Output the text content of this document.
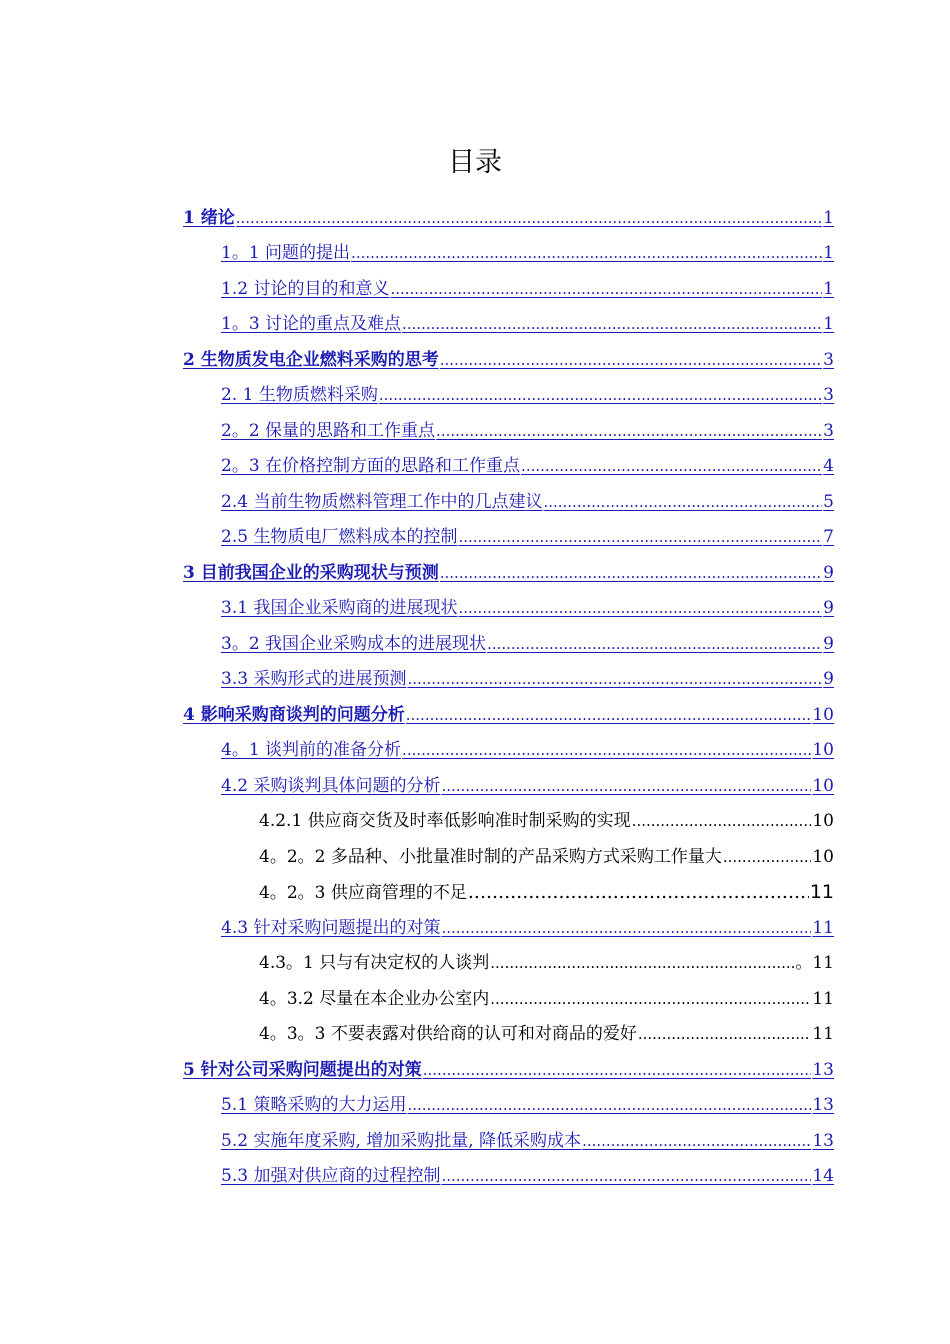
目录
1 绪论 .....	1
1。1 问题的提出 .....	1
1.2 讨论的目的和意义 .....	1
1。3 讨论的重点及难点 .....	1
2 生物质发电企业燃料采购的思考 .....	3
2. 1 生物质燃料采购 .....	3
2。2 保量的思路和工作重点 .....	3
2。3 在价格控制方面的思路和工作重点 .....	4
2.4 当前生物质燃料管理工作中的几点建议 .....	5
2.5 生物质电厂燃料成本的控制 .....	7
3 目前我国企业的采购现状与预测 .....	9
3.1 我国企业采购商的进展现状 .....	9
3。2 我国企业采购成本的进展现状 .....	9
3.3 采购形式的进展预测 .....	9
4 影响采购商谈判的问题分析 .....	10
4。1 谈判前的准备分析 .....	10
4.2 采购谈判具体问题的分析 .....	10
4.2.1 供应商交货及时率低影响准时制采购的实现 .....	10
4。2。2 多品种、小批量准时制的产品采购方式采购工作量大 .....	10
4。2。3 供应商管理的不足 .....	11
4.3 针对采购问题提出的对策 .....	11
4.3。1 只与有决定权的人谈判 .....	。11
4。3.2 尽量在本企业办公室内 .....	11
4。3。3 不要表露对供给商的认可和对商品的爱好 .....	11
5 针对公司采购问题提出的对策 .....	13
5.1 策略采购的大力运用 .....	13
5.2 实施年度采购, 增加采购批量, 降低采购成本 .....	13
5.3 加强对供应商的过程控制 .....	14
